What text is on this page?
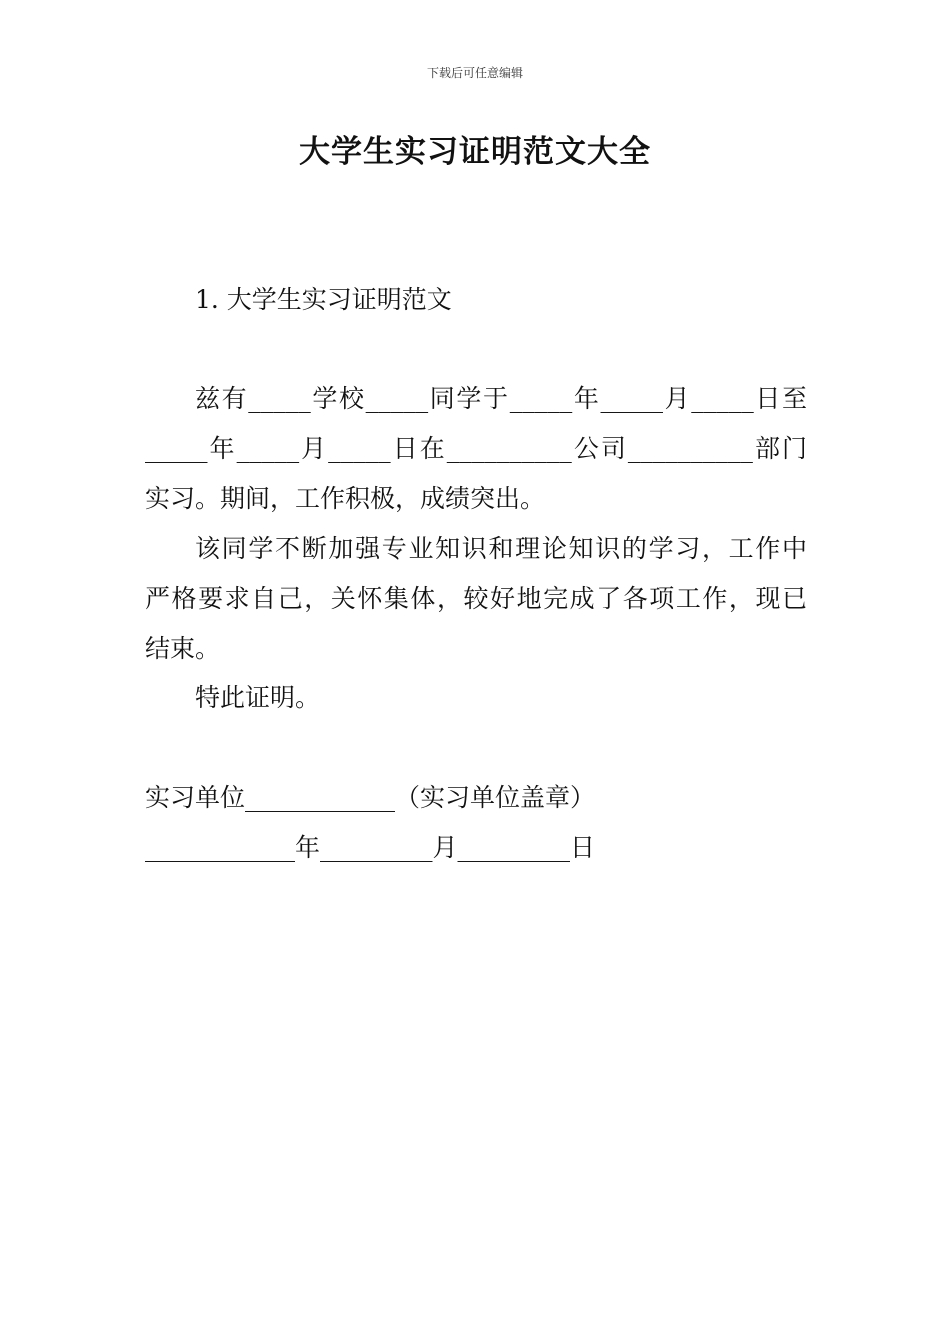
下载后可任意编辑
大学生实习证明范文大全

1. 大学生实习证明范文

兹有_____学校_____同学于_____年_____月_____日至

_____年_____月_____日在__________公司__________部门

实习。期间，工作积极，成绩突出。

该同学不断加强专业知识和理论知识的学习，工作中

严格要求自己，关怀集体，较好地完成了各项工作，现已

结束。

特此证明。

实习单位____________（实习单位盖章）

____________年_________月_________日
